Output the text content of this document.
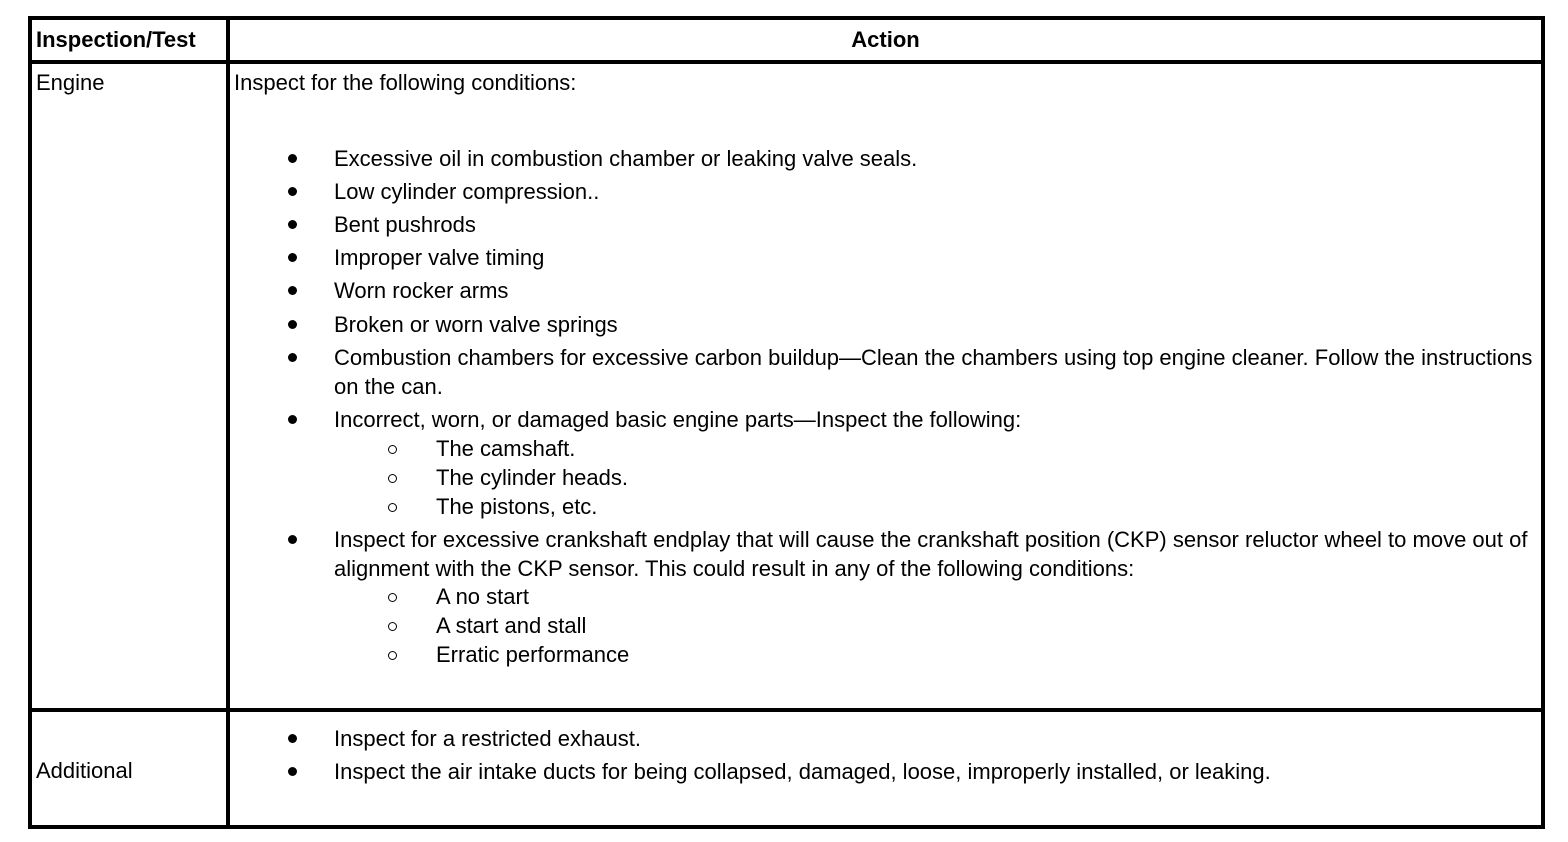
Inspection/Test	Action
Engine	Inspect for the following conditions:
Excessive oil in combustion chamber or leaking valve seals.
Low cylinder compression..
Bent pushrods
Improper valve timing
Worn rocker arms
Broken or worn valve springs
Combustion chambers for excessive carbon buildup—Clean the chambers using top engine cleaner. Follow the instructions on the can.
Incorrect, worn, or damaged basic engine parts—Inspect the following:
The camshaft.
The cylinder heads.
The pistons, etc.
Inspect for excessive crankshaft endplay that will cause the crankshaft position (CKP) sensor reluctor wheel to move out of alignment with the CKP sensor. This could result in any of the following conditions:
A no start
A start and stall
Erratic performance
Additional
Inspect for a restricted exhaust.
Inspect the air intake ducts for being collapsed, damaged, loose, improperly installed, or leaking.
